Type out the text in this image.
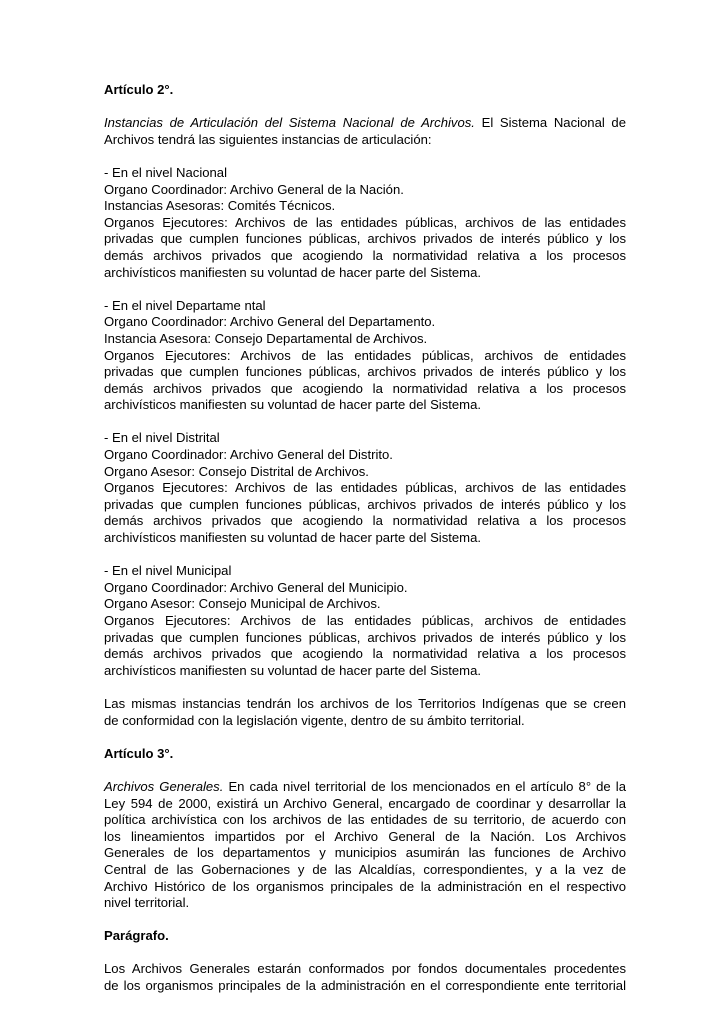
Artículo 2°.

Instancias de Articulación del Sistema Nacional de Archivos. El Sistema Nacional de Archivos tendrá las siguientes instancias de articulación:

- En el nivel Nacional
Organo Coordinador: Archivo General de la Nación.
Instancias Asesoras: Comités Técnicos.
Organos Ejecutores: Archivos de las entidades públicas, archivos de las entidades
privadas que cumplen funciones públicas, archivos privados de interés público y los
demás archivos privados que acogiendo la normatividad relativa a los procesos
archivísticos manifiesten su voluntad de hacer parte del Sistema.

- En el nivel Departame ntal
Organo Coordinador: Archivo General del Departamento.
Instancia Asesora: Consejo Departamental de Archivos.
Organos Ejecutores: Archivos de las entidades públicas, archivos de entidades
privadas que cumplen funciones públicas, archivos privados de interés público y los
demás archivos privados que acogiendo la normatividad relativa a los procesos
archivísticos manifiesten su voluntad de hacer parte del Sistema.

- En el nivel Distrital
Organo Coordinador: Archivo General del Distrito.
Organo Asesor: Consejo Distrital de Archivos.
Organos Ejecutores: Archivos de las entidades públicas, archivos de las entidades
privadas que cumplen funciones públicas, archivos privados de interés público y los
demás archivos privados que acogiendo la normatividad relativa a los procesos
archivísticos manifiesten su voluntad de hacer parte del Sistema.

- En el nivel Municipal
Organo Coordinador: Archivo General del Municipio.
Organo Asesor: Consejo Municipal de Archivos.
Organos Ejecutores: Archivos de las entidades públicas, archivos de entidades
privadas que cumplen funciones públicas, archivos privados de interés público y los
demás archivos privados que acogiendo la normatividad relativa a los procesos
archivísticos manifiesten su voluntad de hacer parte del Sistema.

Las mismas instancias tendrán los archivos de los Territorios Indígenas que se creen
de conformidad con la legislación vigente, dentro de su ámbito territorial.

Artículo 3°.

Archivos Generales. En cada nivel territorial de los mencionados en el artículo 8° de la
Ley 594 de 2000, existirá un Archivo General, encargado de coordinar y desarrollar la
política archivística con los archivos de las entidades de su territorio, de acuerdo con
los lineamientos impartidos por el Archivo General de la Nación. Los Archivos
Generales de los departamentos y municipios asumirán las funciones de Archivo
Central de las Gobernaciones y de las Alcaldías, correspondientes, y a la vez de
Archivo Histórico de los organismos principales de la administración en el respectivo
nivel territorial.

Parágrafo.

Los Archivos Generales estarán conformados por fondos documentales procedentes
de los organismos principales de la administración en el correspondiente ente territorial
